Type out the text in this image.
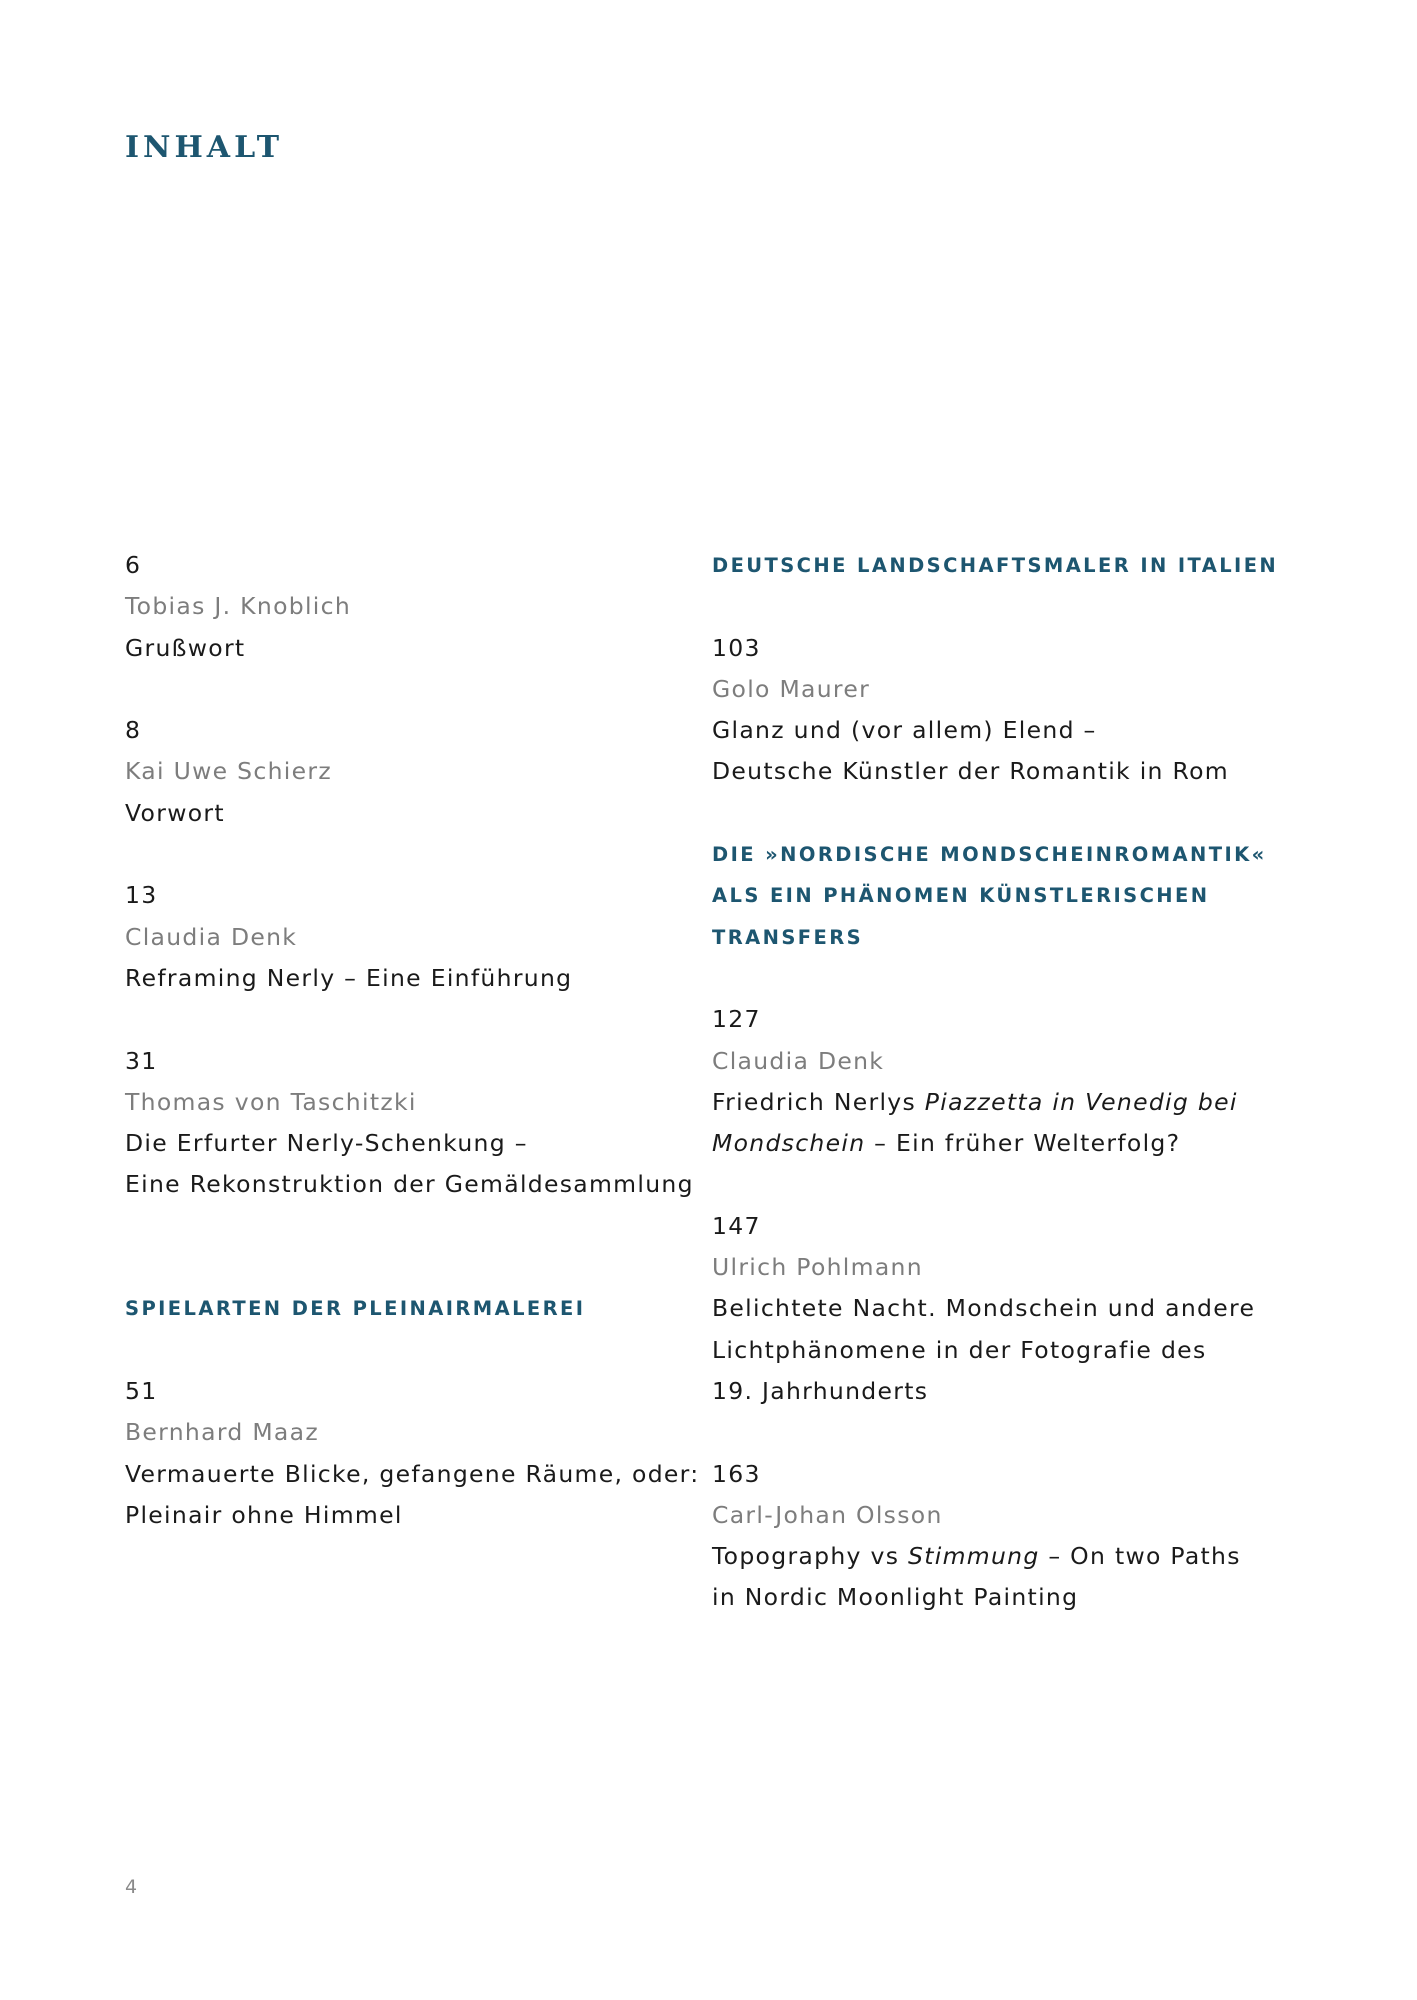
INHALT
6
Tobias J. Knoblich
Grußwort
8
Kai Uwe Schierz
Vorwort
13
Claudia Denk
Reframing Nerly – Eine Einführung
31
Thomas von Taschitzki
Die Erfurter Nerly-Schenkung –
Eine Rekonstruktion der Gemäldesammlung
SPIELARTEN DER PLEINAIRMALEREI
51
Bernhard Maaz
Vermauerte Blicke, gefangene Räume, oder:
Pleinair ohne Himmel
DEUTSCHE LANDSCHAFTSMALER IN ITALIEN
103
Golo Maurer
Glanz und (vor allem) Elend –
Deutsche Künstler der Romantik in Rom
DIE »NORDISCHE MONDSCHEINROMANTIK«
ALS EIN PHÄNOMEN KÜNSTLERISCHEN
TRANSFERS
127
Claudia Denk
Friedrich Nerlys Piazzetta in Venedig bei
Mondschein – Ein früher Welterfolg?
147
Ulrich Pohlmann
Belichtete Nacht. Mondschein und andere
Lichtphänomene in der Fotografie des
19. Jahrhunderts
163
Carl-Johan Olsson
Topography vs Stimmung – On two Paths
in Nordic Moonlight Painting
4
